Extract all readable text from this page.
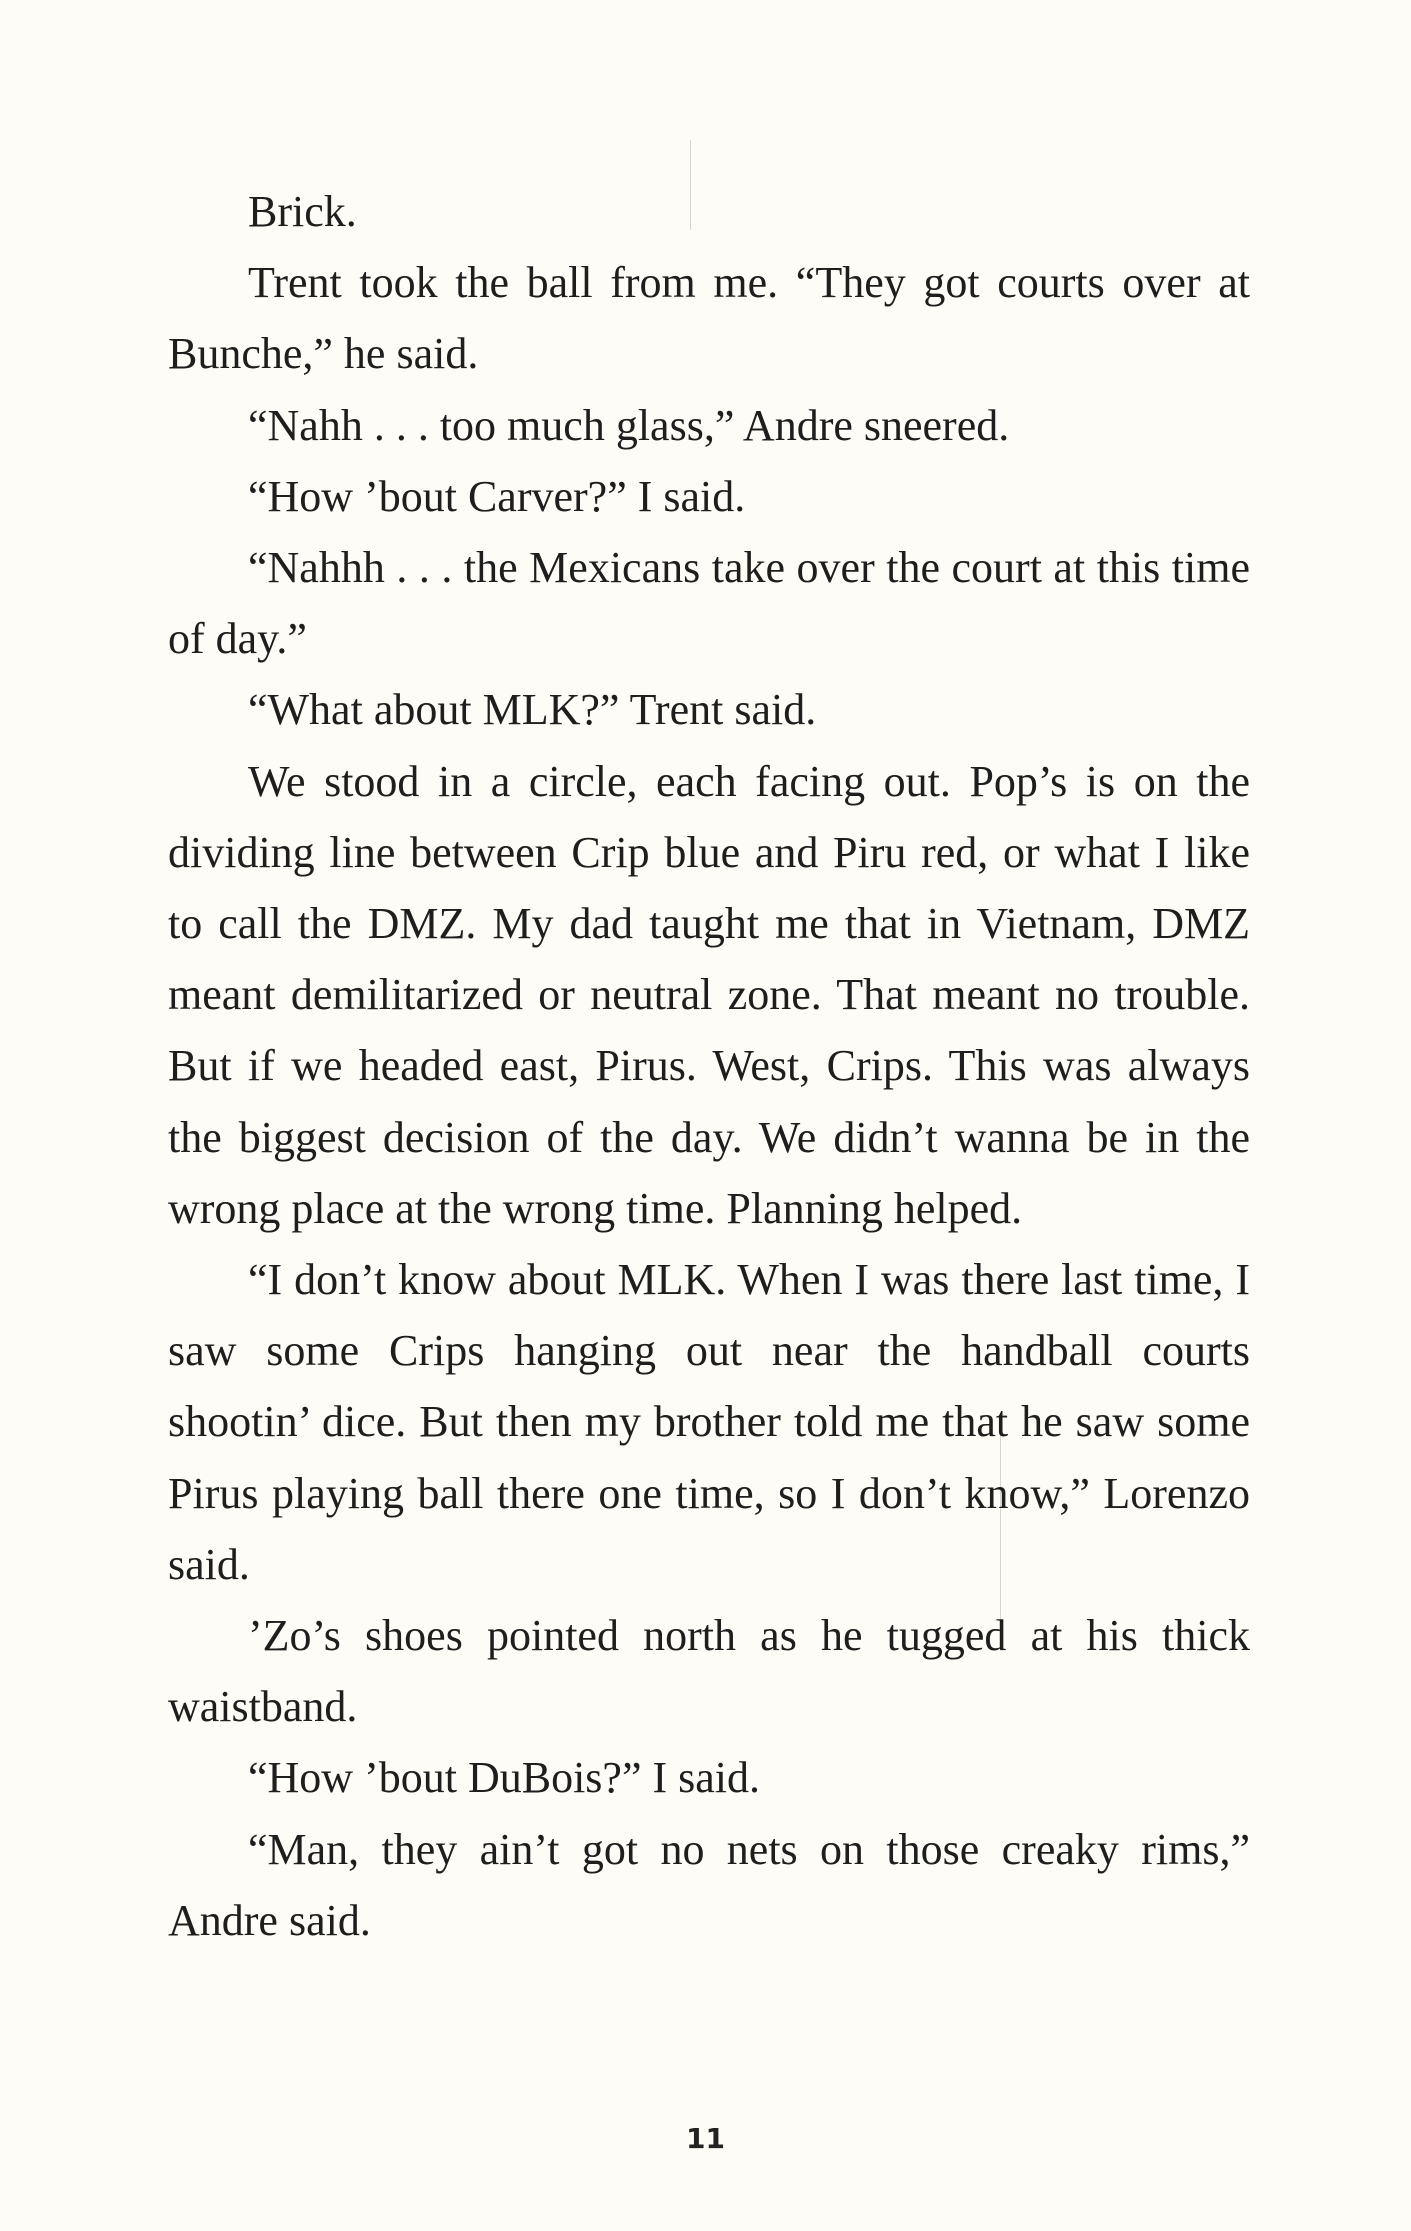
Brick.

Trent took the ball from me. “They got courts over at Bunche,” he said.

“Nahh . . . too much glass,” Andre sneered.

“How ’bout Carver?” I said.

“Nahhh . . . the Mexicans take over the court at this time of day.”

“What about MLK?” Trent said.

We stood in a circle, each facing out. Pop’s is on the dividing line between Crip blue and Piru red, or what I like to call the DMZ. My dad taught me that in Vietnam, DMZ meant demilitarized or neutral zone. That meant no trouble. But if we headed east, Pirus. West, Crips. This was always the biggest decision of the day. We didn’t wanna be in the wrong place at the wrong time. Planning helped.

“I don’t know about MLK. When I was there last time, I saw some Crips hanging out near the handball courts shootin’ dice. But then my brother told me that he saw some Pirus playing ball there one time, so I don’t know,” Lorenzo said.

’Zo’s shoes pointed north as he tugged at his thick waistband.

“How ’bout DuBois?” I said.

“Man, they ain’t got no nets on those creaky rims,” Andre said.

11
